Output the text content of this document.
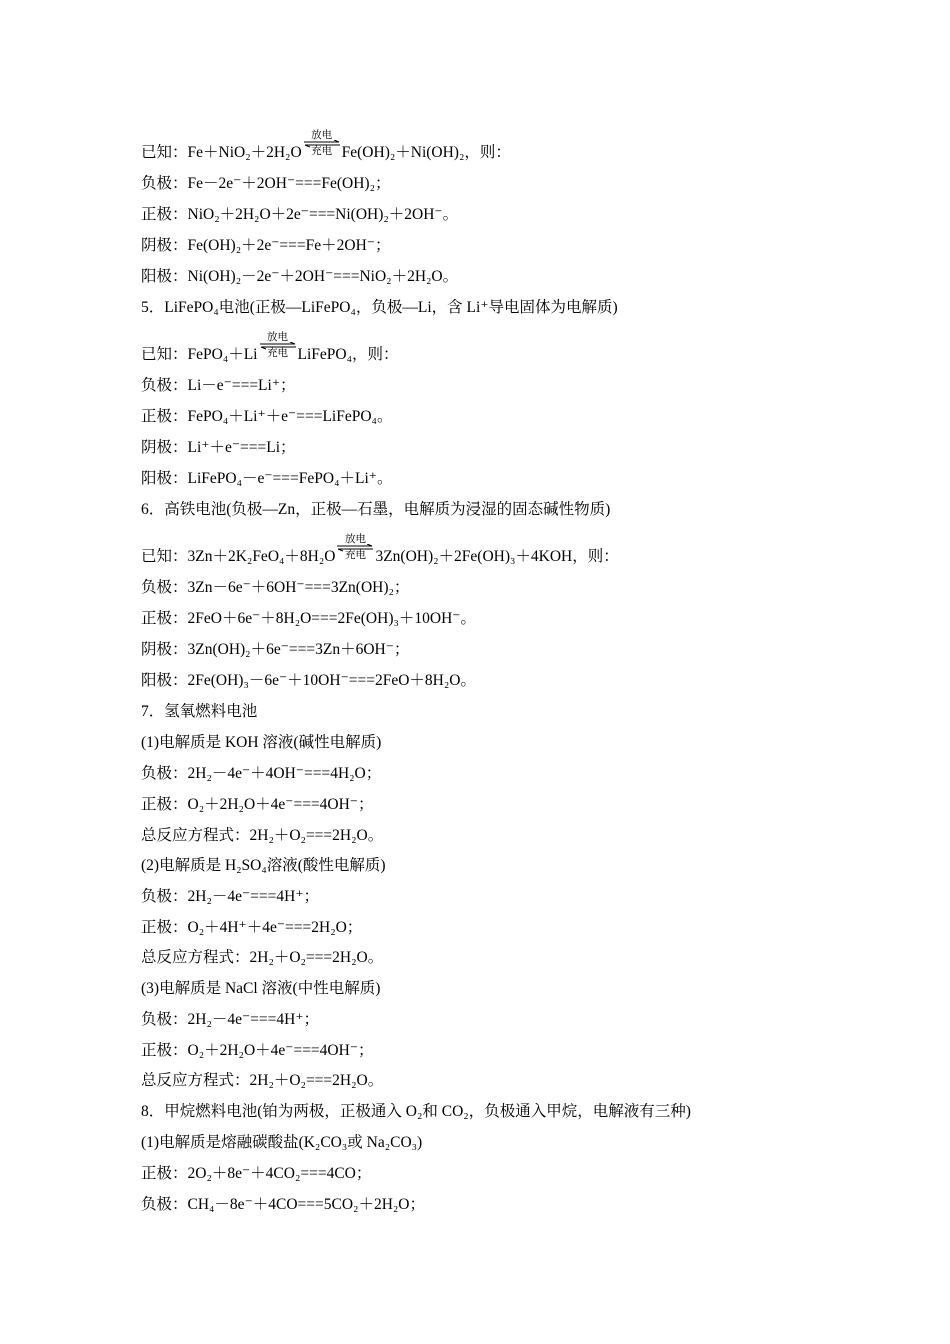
已知：Fe＋NiO₂＋2H₂O
放电
充电 Fe(OH)₂＋Ni(OH)₂，则：
负极：Fe－2e⁻＋2OH⁻===Fe(OH)₂；
正极：NiO₂＋2H₂O＋2e⁻===Ni(OH)₂＋2OH⁻。
阴极：Fe(OH)₂＋2e⁻===Fe＋2OH⁻；
阳极：Ni(OH)₂－2e⁻＋2OH⁻===NiO₂＋2H₂O。
5．LiFePO₄电池(正极—LiFePO₄，负极—Li，含 Li⁺导电固体为电解质)
已知：FePO₄＋Li
放电
充电 LiFePO₄，则：
负极：Li－e⁻===Li⁺；
正极：FePO₄＋Li⁺＋e⁻===LiFePO₄。
阴极：Li⁺＋e⁻===Li；
阳极：LiFePO₄－e⁻===FePO₄＋Li⁺。
6．高铁电池(负极—Zn，正极—石墨，电解质为浸湿的固态碱性物质)
已知：3Zn＋2K₂FeO₄＋8H₂O
放电
充电 3Zn(OH)₂＋2Fe(OH)₃＋4KOH，则：
负极：3Zn－6e⁻＋6OH⁻===3Zn(OH)₂；
正极：2FeO＋6e⁻＋8H₂O===2Fe(OH)₃＋10OH⁻。
阴极：3Zn(OH)₂＋6e⁻===3Zn＋6OH⁻；
阳极：2Fe(OH)₃－6e⁻＋10OH⁻===2FeO＋8H₂O。
7．氢氧燃料电池
(1)电解质是 KOH 溶液(碱性电解质)
负极：2H₂－4e⁻＋4OH⁻===4H₂O；
正极：O₂＋2H₂O＋4e⁻===4OH⁻；
总反应方程式：2H₂＋O₂===2H₂O。
(2)电解质是 H₂SO₄溶液(酸性电解质)
负极：2H₂－4e⁻===4H⁺；
正极：O₂＋4H⁺＋4e⁻===2H₂O；
总反应方程式：2H₂＋O₂===2H₂O。
(3)电解质是 NaCl 溶液(中性电解质)
负极：2H₂－4e⁻===4H⁺；
正极：O₂＋2H₂O＋4e⁻===4OH⁻；
总反应方程式：2H₂＋O₂===2H₂O。
8．甲烷燃料电池(铂为两极，正极通入 O₂和 CO₂，负极通入甲烷，电解液有三种)
(1)电解质是熔融碳酸盐(K₂CO₃或 Na₂CO₃)
正极：2O₂＋8e⁻＋4CO₂===4CO；
负极：CH₄－8e⁻＋4CO===5CO₂＋2H₂O；
